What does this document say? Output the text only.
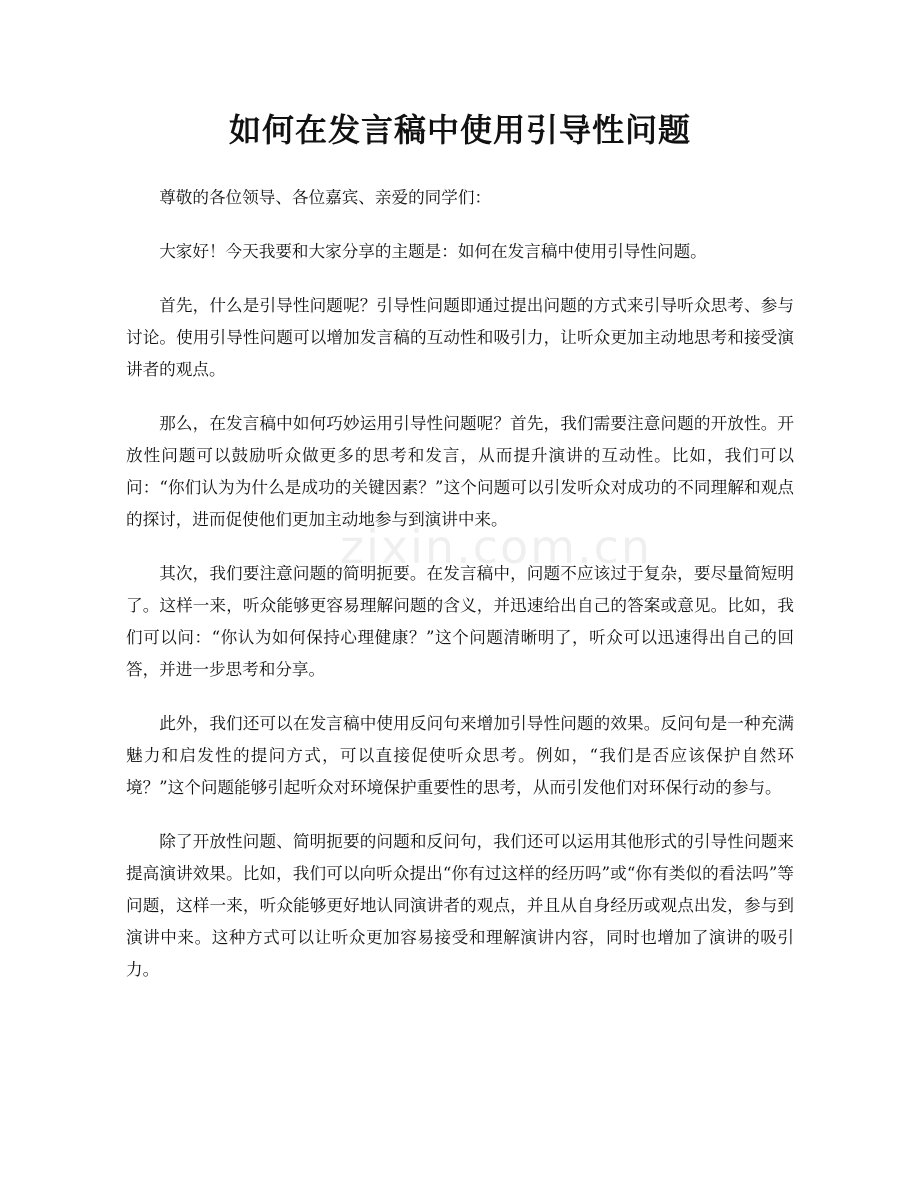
如何在发言稿中使用引导性问题

尊敬的各位领导、各位嘉宾、亲爱的同学们：

大家好！今天我要和大家分享的主题是：如何在发言稿中使用引导性问题。

首先，什么是引导性问题呢？引导性问题即通过提出问题的方式来引导听众思考、参与讨论。使用引导性问题可以增加发言稿的互动性和吸引力，让听众更加主动地思考和接受演讲者的观点。

那么，在发言稿中如何巧妙运用引导性问题呢？首先，我们需要注意问题的开放性。开放性问题可以鼓励听众做更多的思考和发言，从而提升演讲的互动性。比如，我们可以问：“你们认为为什么是成功的关键因素？”这个问题可以引发听众对成功的不同理解和观点的探讨，进而促使他们更加主动地参与到演讲中来。

其次，我们要注意问题的简明扼要。在发言稿中，问题不应该过于复杂，要尽量简短明了。这样一来，听众能够更容易理解问题的含义，并迅速给出自己的答案或意见。比如，我们可以问：“你认为如何保持心理健康？”这个问题清晰明了，听众可以迅速得出自己的回答，并进一步思考和分享。

此外，我们还可以在发言稿中使用反问句来增加引导性问题的效果。反问句是一种充满魅力和启发性的提问方式，可以直接促使听众思考。例如，“我们是否应该保护自然环境？”这个问题能够引起听众对环境保护重要性的思考，从而引发他们对环保行动的参与。

除了开放性问题、简明扼要的问题和反问句，我们还可以运用其他形式的引导性问题来提高演讲效果。比如，我们可以向听众提出“你有过这样的经历吗”或“你有类似的看法吗”等问题，这样一来，听众能够更好地认同演讲者的观点，并且从自身经历或观点出发，参与到演讲中来。这种方式可以让听众更加容易接受和理解演讲内容，同时也增加了演讲的吸引力。

zixin.com.cn
